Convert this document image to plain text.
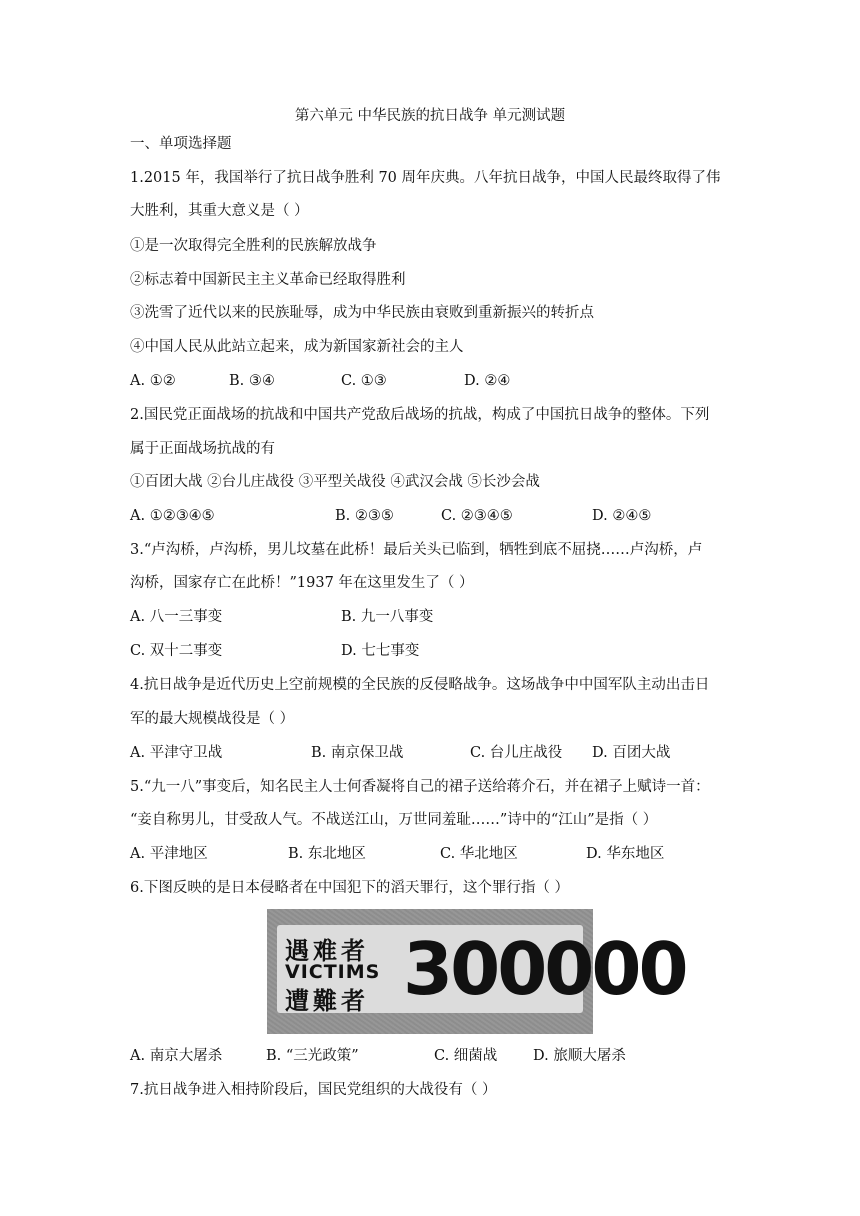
第六单元 中华民族的抗日战争 单元测试题
一、单项选择题
1.2015 年，我国举行了抗日战争胜利 70 周年庆典。八年抗日战争，中国人民最终取得了伟
大胜利，其重大意义是（ ）
①是一次取得完全胜利的民族解放战争
②标志着中国新民主主义革命已经取得胜利
③洗雪了近代以来的民族耻辱，成为中华民族由衰败到重新振兴的转折点
④中国人民从此站立起来，成为新国家新社会的主人
A. ①②	B. ③④	C. ①③	D. ②④
2.国民党正面战场的抗战和中国共产党敌后战场的抗战，构成了中国抗日战争的整体。下列
属于正面战场抗战的有
①百团大战 ②台儿庄战役 ③平型关战役 ④武汉会战 ⑤长沙会战
A. ①②③④⑤	B. ②③⑤	C. ②③④⑤	D. ②④⑤
3.“卢沟桥，卢沟桥，男儿坟墓在此桥！最后关头已临到，牺牲到底不屈挠……卢沟桥，卢
沟桥，国家存亡在此桥！”1937 年在这里发生了（ ）
A. 八一三事变	B. 九一八事变
C. 双十二事变	D. 七七事变
4.抗日战争是近代历史上空前规模的全民族的反侵略战争。这场战争中中国军队主动出击日
军的最大规模战役是（ ）
A. 平津守卫战	B. 南京保卫战	C. 台儿庄战役 D. 百团大战
5.“九一八”事变后，知名民主人士何香凝将自己的裙子送给蒋介石，并在裙子上赋诗一首：
“妾自称男儿，甘受敌人气。不战送江山，万世同羞耻……”诗中的“江山”是指（ ）
A. 平津地区	B. 东北地区	C. 华北地区	D. 华东地区
6.下图反映的是日本侵略者在中国犯下的滔天罪行，这个罪行指（ ）
遇难者
VICTIMS
遭難者 300000
A. 南京大屠杀	B. “三光政策”	C. 细菌战 D. 旅顺大屠杀
7.抗日战争进入相持阶段后，国民党组织的大战役有（ ）
